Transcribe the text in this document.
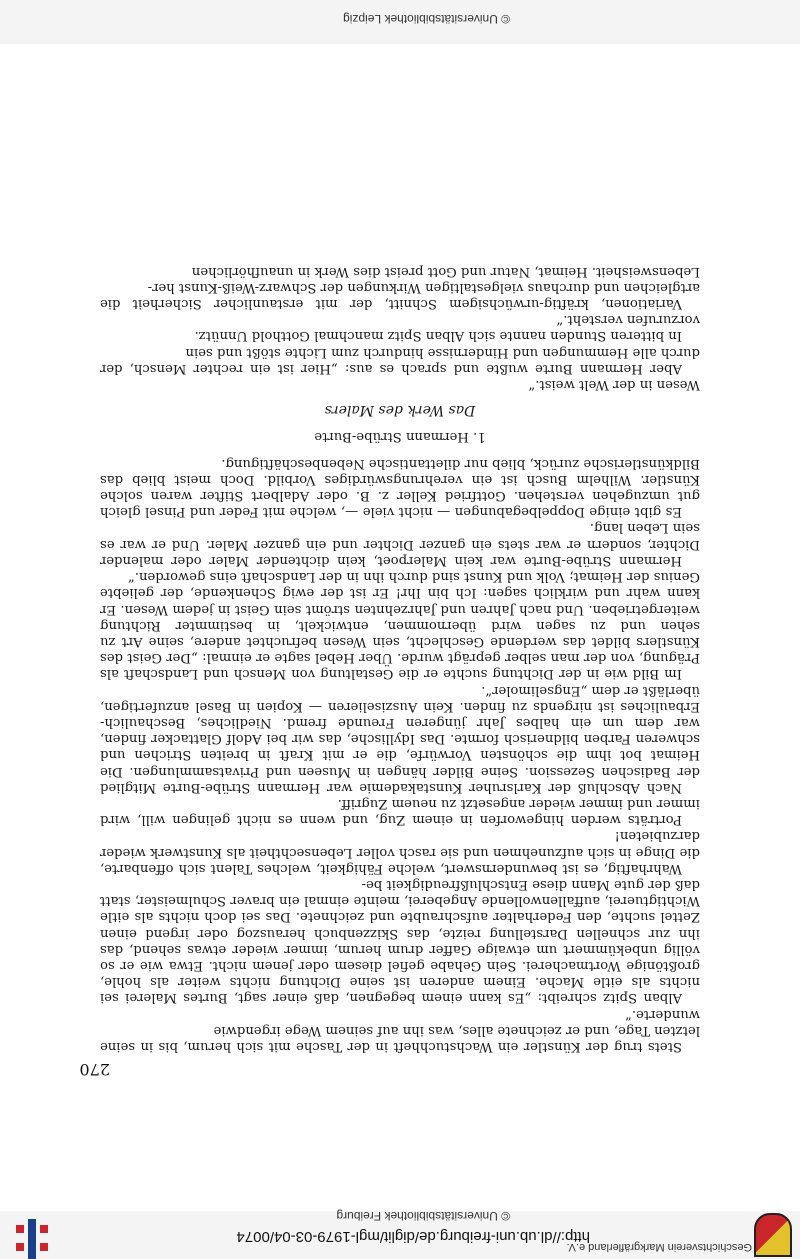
Geschichtsverein Markgräflerland e.V.
http://dl.ub.uni-freiburg.de/diglit/mgl-1979-03-04/0074
© Universitätsbibliothek Freiburg
270

Stets trug der Künstler ein Wachstuchheft in der Tasche mit sich herum, bis in seine letzten Tage, und er zeichnete alles, was ihn auf seinem Wege irgendwie

wunderte.“

Alban Spitz schreibt: „Es kann einem begegnen, daß einer sagt, Burtes Malerei sei nichts als eitle Mache. Einem anderen ist seine Dichtung nichts weiter als hohle, großtönige Wortmacherei. Sein Gehabe gefiel diesem oder jenem nicht. Etwa wie er so völlig unbekümmert um etwaige Gaffer drum herum, immer wieder etwas sehend, das ihn zur schnellen Darstellung reizte, das Skizzenbuch herauszog oder irgend einen Zettel suchte, den Federhalter aufschraubte und zeichnete. Das sei doch nichts als eitle Wichtigtuerei, auffallenwollende Angeberei, meinte einmal ein braver Schulmeister, statt daß der gute Mann diese Entschlußfreudigkeit be-

Wahrhaftig, es ist bewundernswert, welche Fähigkeit, welches Talent sich offenbarte, die Dinge in sich aufzunehmen und sie rasch voller Lebensechtheit als Kunstwerk wieder darzubieten!

Porträts werden hingeworfen in einem Zug, und wenn es nicht gelingen will, wird immer und immer wieder angesetzt zu neuem Zugriff.

Nach Abschluß der Karlsruher Kunstakademie war Hermann Strübe-Burte Mitglied der Badischen Sezession. Seine Bilder hängen in Museen und Privatsammlungen. Die Heimat bot ihm die schönsten Vorwürfe, die er mit Kraft in breiten Strichen und schweren Farben bildnerisch formte. Das Idyllische, das wir bei Adolf Glattacker finden, war dem um ein halbes Jahr jüngeren Freunde fremd. Niedliches, Beschaulich-Erbauliches ist nirgends zu finden. Kein Ausziselieren — Kopien in Basel anzufertigen, überläßt er dem „Engselimoler“.

Im Bild wie in der Dichtung suchte er die Gestaltung von Mensch und Landschaft als Prägung, von der man selber geprägt wurde. Über Hebel sagte er einmal: „Der Geist des Künstlers bildet das werdende Geschlecht, sein Wesen befruchtet andere, seine Art zu sehen und zu sagen wird übernommen, entwickelt, in bestimmter Richtung weitergetrieben. Und nach Jahren und Jahrzehnten strömt sein Geist in jedem Wesen. Er kann wahr und wirklich sagen: Ich bin Ihr! Er ist der ewig Schenkende, der geliebte Genius der Heimat; Volk und Kunst sind durch ihn in der Landschaft eins geworden.“

Hermann Strübe-Burte war kein Malerpoet, kein dichtender Maler oder malender Dichter, sondern er war stets ein ganzer Dichter und ein ganzer Maler. Und er war es sein Leben lang.

Es gibt einige Doppelbegabungen — nicht viele —, welche mit Feder und Pinsel gleich gut umzugehen verstehen. Gottfried Keller z. B. oder Adalbert Stifter waren solche Künstler. Wilhelm Busch ist ein verehrungswürdiges Vorbild. Doch meist blieb das Bildkünstlerische zurück, blieb nur dilettantische Nebenbeschäftigung.

1. Hermann Strübe-Burte

Das Werk des Malers

Wesen in der Welt weist.“

Aber Hermann Burte wußte und sprach es aus: „Hier ist ein rechter Mensch, der durch alle Hemmungen und Hindernisse hindurch zum Lichte stößt und sein

In bitteren Stunden nannte sich Alban Spitz manchmal Gotthold Unnütz.

vorzurufen versteht.“

Variationen, kräftig-urwüchsigem Schnitt, der mit erstaunlicher Sicherheit die artgleichen und durchaus vielgestaltigen Wirkungen der Schwarz-Weiß-Kunst her-

Lebensweisheit. Heimat, Natur und Gott preist dies Werk in unaufhörlichen

© Universitätsbibliothek Leipzig
